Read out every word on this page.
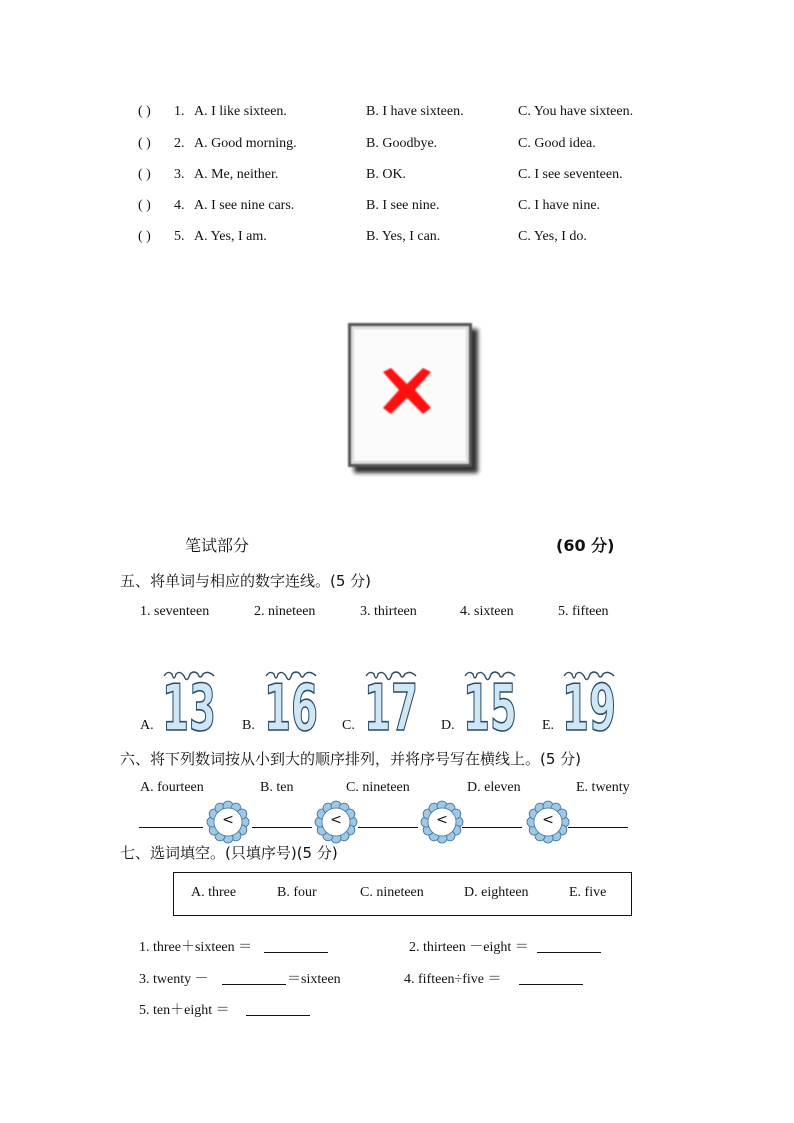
( ) 1. A. I like sixteen.	B. I have sixteen.	C. You have sixteen.
( ) 2. A. Good morning.	B. Goodbye.	C. Good idea.
( ) 3. A. Me, neither.	B. OK.	C. I see seventeen.
( ) 4. A. I see nine cars.	B. I see nine.	C. I have nine.
( ) 5. A. Yes, I am.	B. Yes, I can.	C. Yes, I do.
笔试部分	(60 分)
五、将单词与相应的数字连线。(5 分)
1. seventeen	2. nineteen	3. thirteen	4. sixteen	5. fifteen
A. 13 B. 16 C. 17 D. 15 E. 19
六、将下列数词按从小到大的顺序排列，并将序号写在横线上。(5 分)
A. fourteen	B. ten	C. nineteen	D. eleven	E. twenty
<	<	<	<
七、选词填空。(只填序号)(5 分)
A. three	B. four	C. nineteen	D. eighteen	E. five
1. three＋sixteen ＝	2. thirteen －eight ＝
3. twenty －	＝sixteen	4. fifteen÷five ＝
5. ten＋eight ＝
